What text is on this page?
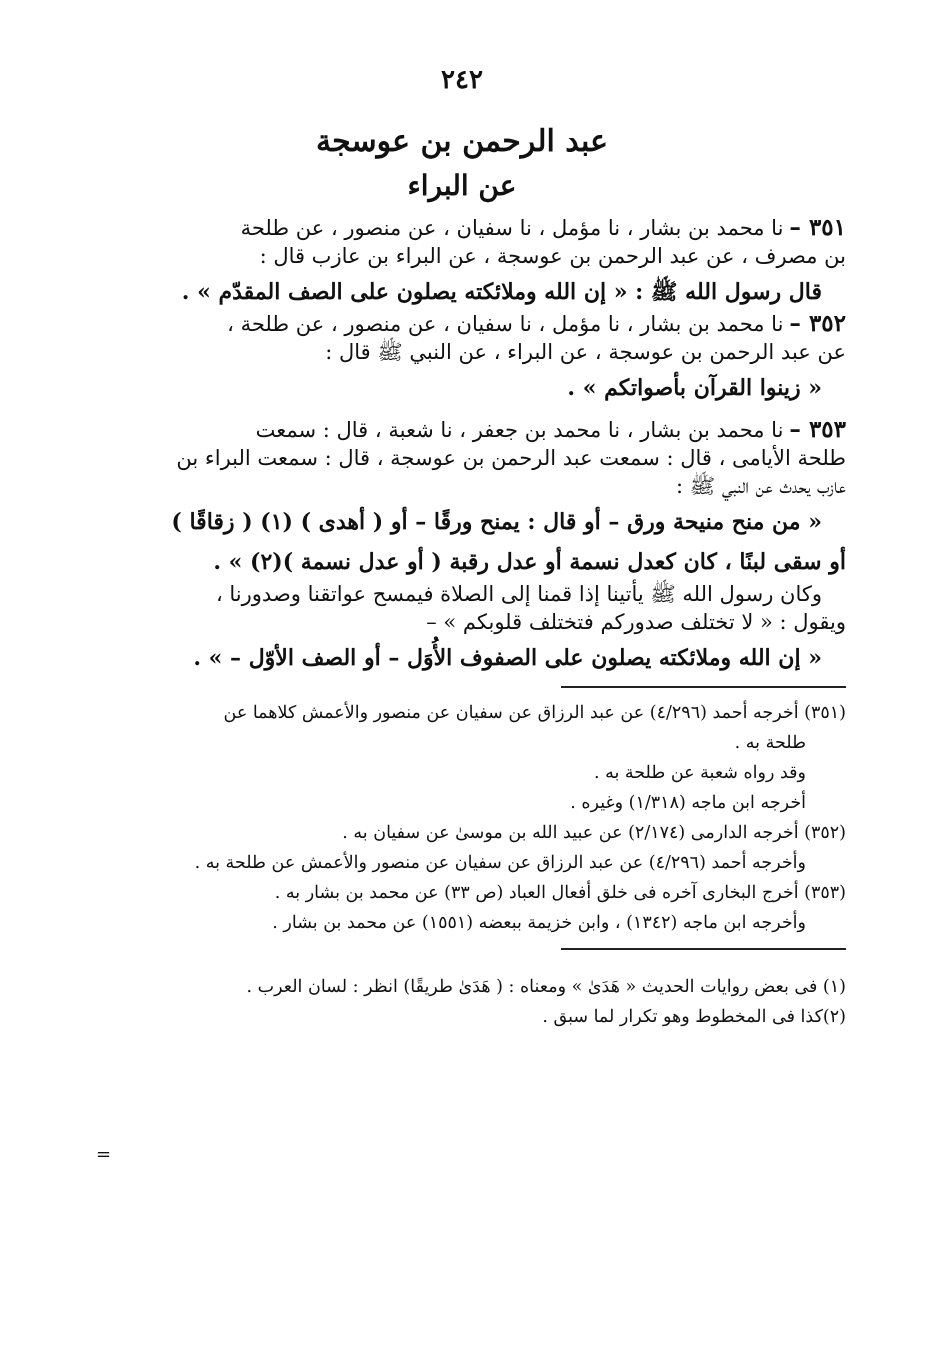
٢٤٢
عبد الرحمن بن عوسجة
عن البراء

٣٥١ –نا محمد بن بشار ، نا مؤمل ، نا سفيان ، عن منصور ، عن طلحة

بن مصرف ، عن عبد الرحمن بن عوسجة ، عن البراء بن عازب قال :

قال رسول الله ﷺ : « إن الله وملائكته يصلون على الصف المقدّم » .

٣٥٢ –نا محمد بن بشار ، نا مؤمل ، نا سفيان ، عن منصور ، عن طلحة ،

عن عبد الرحمن بن عوسجة ، عن البراء ، عن النبي ﷺ قال :

« زينوا القرآن بأصواتكم » .

٣٥٣ –نا محمد بن بشار ، نا محمد بن جعفر ، نا شعبة ، قال : سمعت

طلحة الأيامى ، قال : سمعت عبد الرحمن بن عوسجة ، قال : سمعت البراء بن

عازب يحدث عن النبي ﷺ :

« من منح منيحة ورق – أو قال : يمنح ورقًا – أو ( أهدى ) (١) ( زقاقًا )

أو سقى لبنًا ، كان كعدل نسمة أو عدل رقبة ( أو عدل نسمة )(٢) » .

وكان رسول الله ﷺ يأتينا إذا قمنا إلى الصلاة فيمسح عواتقنا وصدورنا ،

ويقول : « لا تختلف صدوركم فتختلف قلوبكم » –

« إن الله وملائكته يصلون على الصفوف الأُوَل – أو الصف الأوّل – » .

(٣٥١) أخرجه أحمد (٤/٢٩٦) عن عبد الرزاق عن سفيان عن منصور والأعمش كلاهما عن

طلحة به .

وقد رواه شعبة عن طلحة به .

أخرجه ابن ماجه (١/٣١٨) وغيره .

(٣٥٢) أخرجه الدارمى (٢/١٧٤) عن عبيد الله بن موسىٰ عن سفيان به .

وأخرجه أحمد (٤/٢٩٦) عن عبد الرزاق عن سفيان عن منصور والأعمش عن طلحة به .

(٣٥٣) أخرج البخارى آخره فى خلق أفعال العباد (ص ٣٣) عن محمد بن بشار به .

وأخرجه ابن ماجه (١٣٤٢) ، وابن خزيمة ببعضه (١٥٥١) عن محمد بن بشار .

(١) فى بعض روايات الحديث « هَدَىٰ » ومعناه : ( هَدَىٰ طريقًا) انظر : لسان العرب .

(٢)كذا فى المخطوط وهو تكرار لما سبق .

=
